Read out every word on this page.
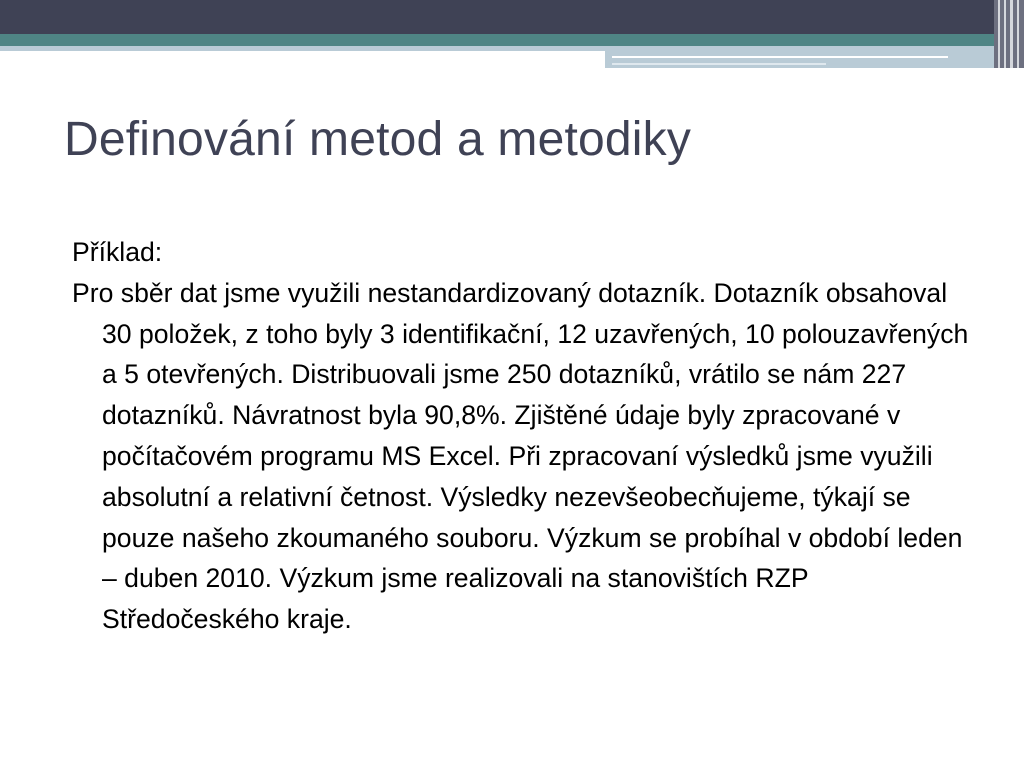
Definování metod a metodiky

Příklad:

Pro sběr dat jsme využili nestandardizovaný dotazník. Dotazník obsahoval 30 položek, z toho byly 3 identifikační, 12 uzavřených, 10 polouzavřených a 5 otevřených. Distribuovali jsme 250 dotazníků, vrátilo se nám 227 dotazníků. Návratnost byla 90,8%. Zjištěné údaje byly zpracované v počítačovém programu MS Excel. Při zpracovaní výsledků jsme využili absolutní a relativní četnost. Výsledky nezevšeobecňujeme, týkají se pouze našeho zkoumaného souboru. Výzkum se probíhal v období leden – duben 2010. Výzkum jsme realizovali na stanovištích RZP Středočeského kraje.
